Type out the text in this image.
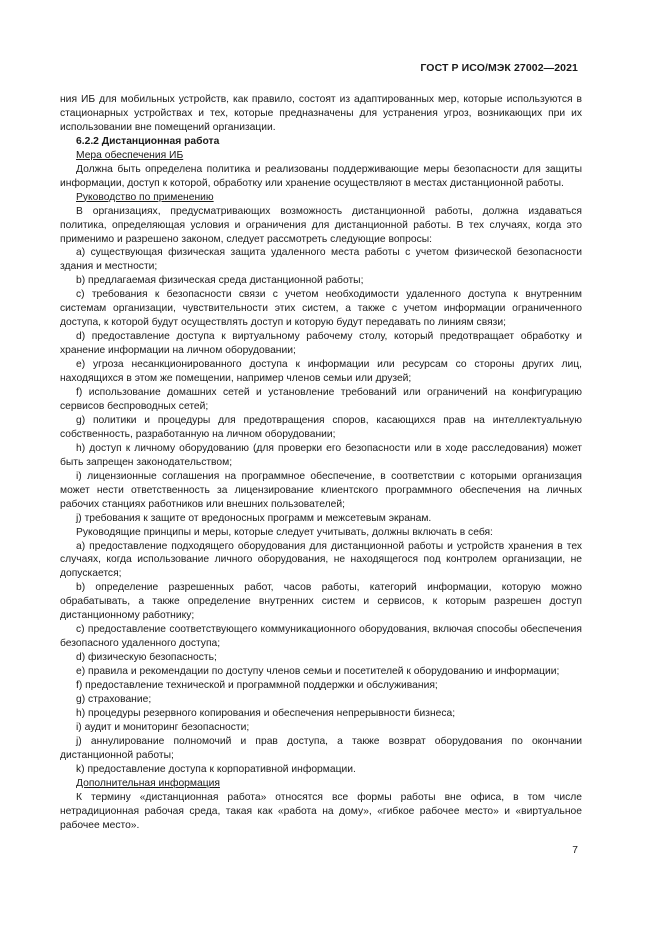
ГОСТ Р ИСО/МЭК 27002—2021

ния ИБ для мобильных устройств, как правило, состоят из адаптированных мер, которые используются в стационарных устройствах и тех, которые предназначены для устранения угроз, возникающих при их использовании вне помещений организации.

6.2.2 Дистанционная работа

Мера обеспечения ИБ

Должна быть определена политика и реализованы поддерживающие меры безопасности для защиты информации, доступ к которой, обработку или хранение осуществляют в местах дистанционной работы.

Руководство по применению

В организациях, предусматривающих возможность дистанционной работы, должна издаваться политика, определяющая условия и ограничения для дистанционной работы. В тех случаях, когда это применимо и разрешено законом, следует рассмотреть следующие вопросы:

a) существующая физическая защита удаленного места работы с учетом физической безопасности здания и местности;

b) предлагаемая физическая среда дистанционной работы;

c) требования к безопасности связи с учетом необходимости удаленного доступа к внутренним системам организации, чувствительности этих систем, а также с учетом информации ограниченного доступа, к которой будут осуществлять доступ и которую будут передавать по линиям связи;

d) предоставление доступа к виртуальному рабочему столу, который предотвращает обработку и хранение информации на личном оборудовании;

e) угроза несанкционированного доступа к информации или ресурсам со стороны других лиц, находящихся в этом же помещении, например членов семьи или друзей;

f) использование домашних сетей и установление требований или ограничений на конфигурацию сервисов беспроводных сетей;

g) политики и процедуры для предотвращения споров, касающихся прав на интеллектуальную собственность, разработанную на личном оборудовании;

h) доступ к личному оборудованию (для проверки его безопасности или в ходе расследования) может быть запрещен законодательством;

i) лицензионные соглашения на программное обеспечение, в соответствии с которыми организация может нести ответственность за лицензирование клиентского программного обеспечения на личных рабочих станциях работников или внешних пользователей;

j) требования к защите от вредоносных программ и межсетевым экранам.

Руководящие принципы и меры, которые следует учитывать, должны включать в себя:

a) предоставление подходящего оборудования для дистанционной работы и устройств хранения в тех случаях, когда использование личного оборудования, не находящегося под контролем организации, не допускается;

b) определение разрешенных работ, часов работы, категорий информации, которую можно обрабатывать, а также определение внутренних систем и сервисов, к которым разрешен доступ дистанционному работнику;

c) предоставление соответствующего коммуникационного оборудования, включая способы обеспечения безопасного удаленного доступа;

d) физическую безопасность;

e) правила и рекомендации по доступу членов семьи и посетителей к оборудованию и информации;

f) предоставление технической и программной поддержки и обслуживания;

g) страхование;

h) процедуры резервного копирования и обеспечения непрерывности бизнеса;

i) аудит и мониторинг безопасности;

j) аннулирование полномочий и прав доступа, а также возврат оборудования по окончании дистанционной работы;

k) предоставление доступа к корпоративной информации.

Дополнительная информация

К термину «дистанционная работа» относятся все формы работы вне офиса, в том числе нетрадиционная рабочая среда, такая как «работа на дому», «гибкое рабочее место» и «виртуальное рабочее место».

7
